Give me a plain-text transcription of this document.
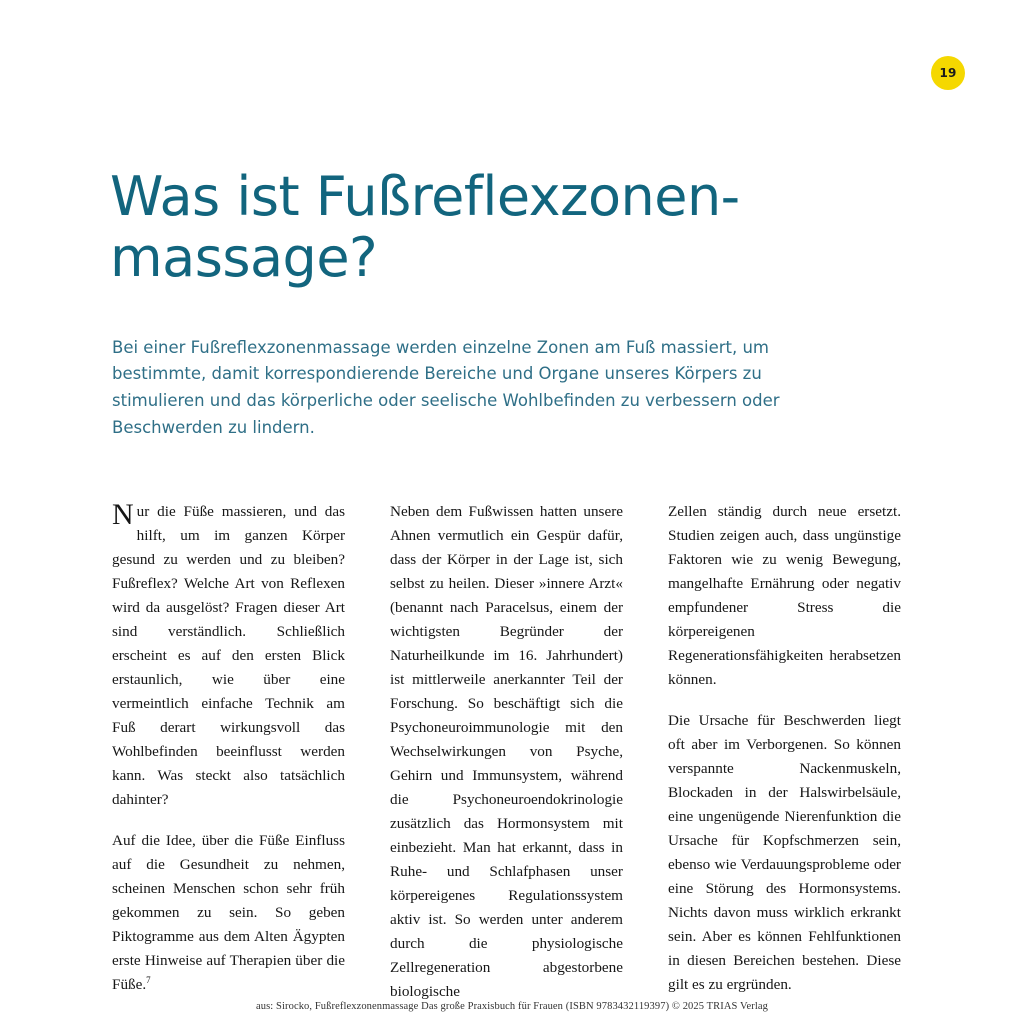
19
Was ist Fußreflexzonen-
massage?

Bei einer Fußreflexzonenmassage werden einzelne Zonen am Fuß massiert, um bestimmte, damit korrespondierende Bereiche und Organe unseres Körpers zu stimulieren und das körperliche oder seelische Wohlbefinden zu verbessern oder Beschwerden zu lindern.

Nur die Füße massieren, und das hilft, um im ganzen Körper gesund zu werden und zu bleiben? Fußreflex? Welche Art von Reflexen wird da ausgelöst? Fragen dieser Art sind verständlich. Schließlich erscheint es auf den ersten Blick erstaunlich, wie über eine vermeintlich einfache Technik am Fuß derart wirkungsvoll das Wohlbefinden beeinflusst werden kann. Was steckt also tatsächlich dahinter?

Auf die Idee, über die Füße Einfluss auf die Gesundheit zu nehmen, scheinen Menschen schon sehr früh gekommen zu sein. So geben Piktogramme aus dem Alten Ägypten erste Hinweise auf Therapien über die Füße.$^7$

Neben dem Fußwissen hatten unsere Ahnen vermutlich ein Gespür dafür, dass der Körper in der Lage ist, sich selbst zu heilen. Dieser »innere Arzt« (benannt nach Paracelsus, einem der wichtigsten Begründer der Naturheilkunde im 16. Jahrhundert) ist mittlerweile anerkannter Teil der Forschung. So beschäftigt sich die Psychoneuroimmunologie mit den Wechselwirkungen von Psyche, Gehirn und Immunsystem, während die Psychoneuroendokrinologie zusätzlich das Hormonsystem mit einbezieht. Man hat erkannt, dass in Ruhe- und Schlafphasen unser körpereigenes Regulationssystem aktiv ist. So werden unter anderem durch die physiologische Zellregeneration abgestorbene biologische

Zellen ständig durch neue ersetzt. Studien zeigen auch, dass ungünstige Faktoren wie zu wenig Bewegung, mangelhafte Ernährung oder negativ empfundener Stress die körpereigenen Regenerationsfähigkeiten herabsetzen können.

Die Ursache für Beschwerden liegt oft aber im Verborgenen. So können verspannte Nackenmuskeln, Blockaden in der Halswirbelsäule, eine ungenügende Nierenfunktion die Ursache für Kopfschmerzen sein, ebenso wie Verdauungsprobleme oder eine Störung des Hormonsystems. Nichts davon muss wirklich erkrankt sein. Aber es können Fehlfunktionen in diesen Bereichen bestehen. Diese gilt es zu ergründen.

aus: Sirocko, Fußreflexzonenmassage Das große Praxisbuch für Frauen (ISBN 9783432119397) © 2025 TRIAS Verlag
